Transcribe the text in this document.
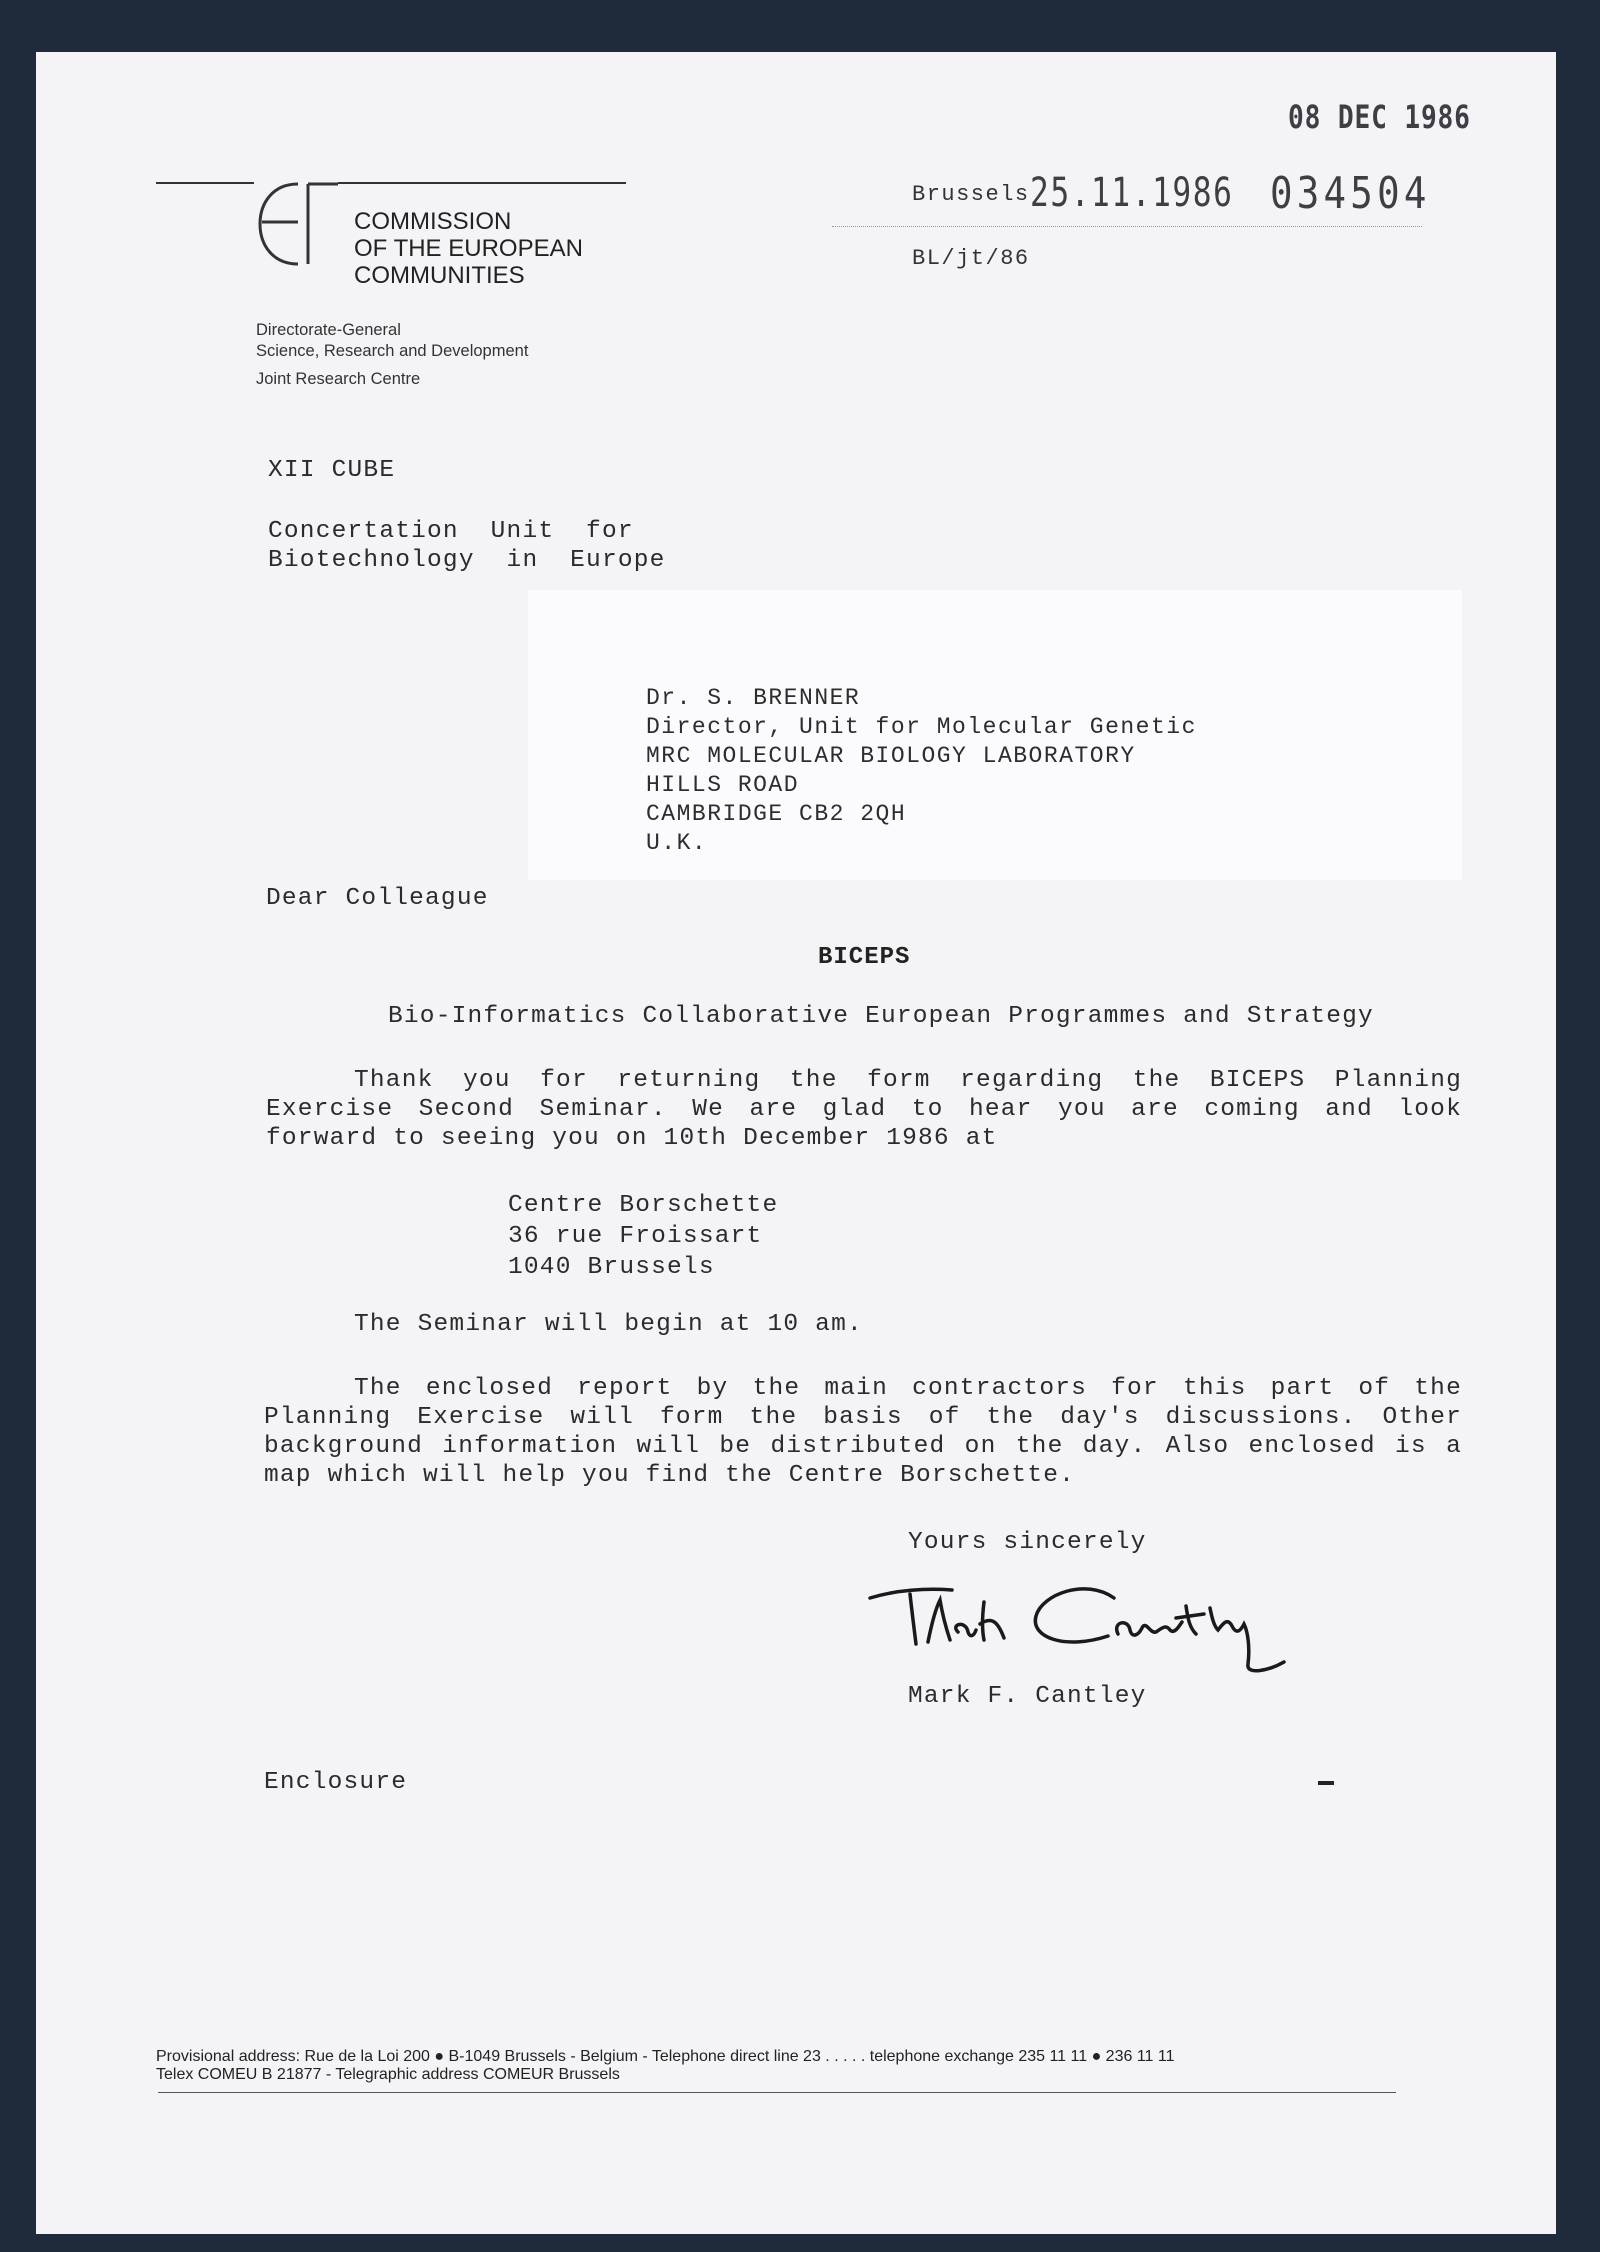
COMMISSION
OF THE EUROPEAN
COMMUNITIES
Directorate-General
Science, Research and Development
Joint Research Centre
08 DEC 1986
Brussels 25.11.1986 034504
BL/jt/86
XII CUBE
Concertation  Unit  for
Biotechnology  in  Europe
Dr. S. BRENNER
Director, Unit for Molecular Genetic
MRC MOLECULAR BIOLOGY LABORATORY
HILLS ROAD
CAMBRIDGE CB2 2QH
U.K.
Dear Colleague
BICEPS
Bio-Informatics Collaborative European Programmes and Strategy
Thank you for returning the form regarding the BICEPS Planning Exercise Second Seminar. We are glad to hear you are coming and look forward to seeing you on 10th December 1986 at
Centre Borschette
36 rue Froissart
1040 Brussels
The Seminar will begin at 10 am.
The enclosed report by the main contractors for this part of the Planning Exercise will form the basis of the day's discussions. Other background information will be distributed on the day. Also enclosed is a map which will help you find the Centre Borschette.
Yours sincerely
Mark F. Cantley
Enclosure
Provisional address: Rue de la Loi 200 ● B-1049 Brussels - Belgium - Telephone direct line 23 . . . . . telephone exchange 235 11 11 ● 236 11 11
Telex COMEU B 21877 - Telegraphic address COMEUR Brussels
